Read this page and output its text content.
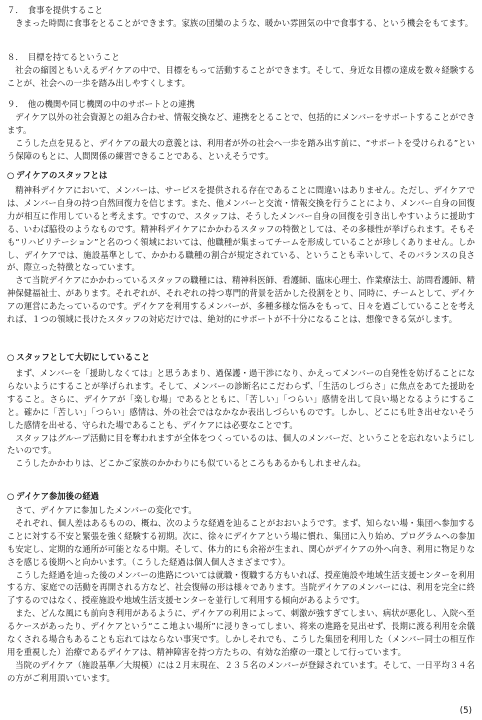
７．　食事を提供すること

きまった時間に食事をとることができます。家族の団欒のような、暖かい雰囲気の中で食事する、という機会をもてます。

８．　目標を持てるということ

社会の縮図ともいえるデイケアの中で、目標をもって活動することができます。そして、身近な目標の達成を数々経験することが、社会への一歩を踏み出しやすくします。

９．　他の機関や同じ機関の中のサポートとの連携

デイケア以外の社会資源との組み合わせ、情報交換など、連携をとることで、包括的にメンバーをサポートすることができます。

こうした点を見ると、デイケアの最大の意義とは、利用者が外の社会へ一歩を踏み出す前に、“サポートを受けられる”という保障のもとに、人間関係の練習できることである、といえそうです。

○ デイケアのスタッフとは

精神科デイケアにおいて、メンバーは、サービスを提供される存在であることに間違いはありません。ただし、デイケアでは、メンバー自身の持つ自然回復力を信じます。また、他メンバーと交流・情報交換を行うことにより、メンバー自身の回復力が相互に作用していると考えます。ですので、スタッフは、そうしたメンバー自身の回復を引き出しやすいように援助する、いわば脇役のようなものです。精神科デイケアにかかわるスタッフの特徴としては、その多様性が挙げられます。そもそも“リハビリテーション”と名のつく領域においては、他職種が集まってチームを形成していることが珍しくありません。しかし、デイケアでは、施設基準として、かかわる職種の割合が規定されている、ということも幸いして、そのバランスの良さが、際立った特徴となっています。

さて当院デイケアにかかわっているスタッフの職種には、精神科医師、看護師、臨床心理士、作業療法士、訪問看護師、精神保健福祉士、があります。それぞれが、それぞれの持つ専門的背景を活かした役割をとり、同時に、チームとして、デイケアの運営にあたっているのです。デイケアを利用するメンバーが、多種多様な悩みをもって、日々を過ごしていることを考えれば、１つの領域に長けたスタッフの対応だけでは、絶対的にサポートが不十分になることは、想像できる気がします。

○ スタッフとして大切にしていること

まず、メンバーを「援助しなくては」と思うあまり、過保護・過干渉になり、かえってメンバーの自発性を妨げることにならないようにすることが挙げられます。そして、メンバーの診断名にこだわらず、「生活のしづらさ」に焦点をあてた援助をすること。さらに、デイケアが「楽しむ場」であるとともに、「苦しい」「つらい」感情を出して良い場となるようにすること。確かに「苦しい」「つらい」感情は、外の社会ではなかなか表出しづらいものです。しかし、どこにも吐き出せないそうした感情を出せる、守られた場であることも、デイケアには必要なことです。

スタッフはグループ活動に目を奪われますが全体をつくっているのは、個人のメンバーだ、ということを忘れないようにしたいのです。

こうしたかかわりは、どこかご家族のかかわりにも似ているところもあるかもしれませんね。

○ デイケア参加後の経過

さて、デイケアに参加したメンバーの変化です。

それぞれ、個人差はあるものの、概ね、次のような経過を辿ることがおおいようです。まず、知らない場・集団へ参加することに対する不安と緊張を強く経験する初期。次に、徐々にデイケアという場に慣れ、集団に入り始め、プログラムへの参加も安定し、定期的な通所が可能となる中期。そして、体力的にも余裕が生まれ、関心がデイケアの外へ向き、利用に物足りなさを感じる後期へと向かいます。（こうした経過は個人個人さまざまです）。

こうした経過を辿った後のメンバーの進路については就職・復職する方もいれば、授産施設や地域生活支援センターを利用する方、家庭での活動を再開される方など、社会復帰の形は様々であります。当院デイケアのメンバーには、利用を完全に終了するのではなく、授産施設や地域生活支援センターを並行して利用する傾向があるようです。

また、どんな風にも前向き利用があるように、デイケアの利用によって、刺激が強すぎてしまい、病状が悪化し、入院へ至るケースがあったり、デイケアという“ここ地よい場所”に浸りきってしまい、将来の進路を見出せず、長期に渡る利用を余儀なくされる場合もあることも忘れてはならない事実です。しかしそれでも、こうした集団を利用した（メンバー同士の相互作用を重視した）治療であるデイケアは、精神障害を持つ方たちの、有効な治療の一環として行っています。

当院のデイケア（施設基準／大規模）には２月末現在、２３５名のメンバーが登録されています。そして、一日平均３４名の方がご利用頂いています。

(5)
